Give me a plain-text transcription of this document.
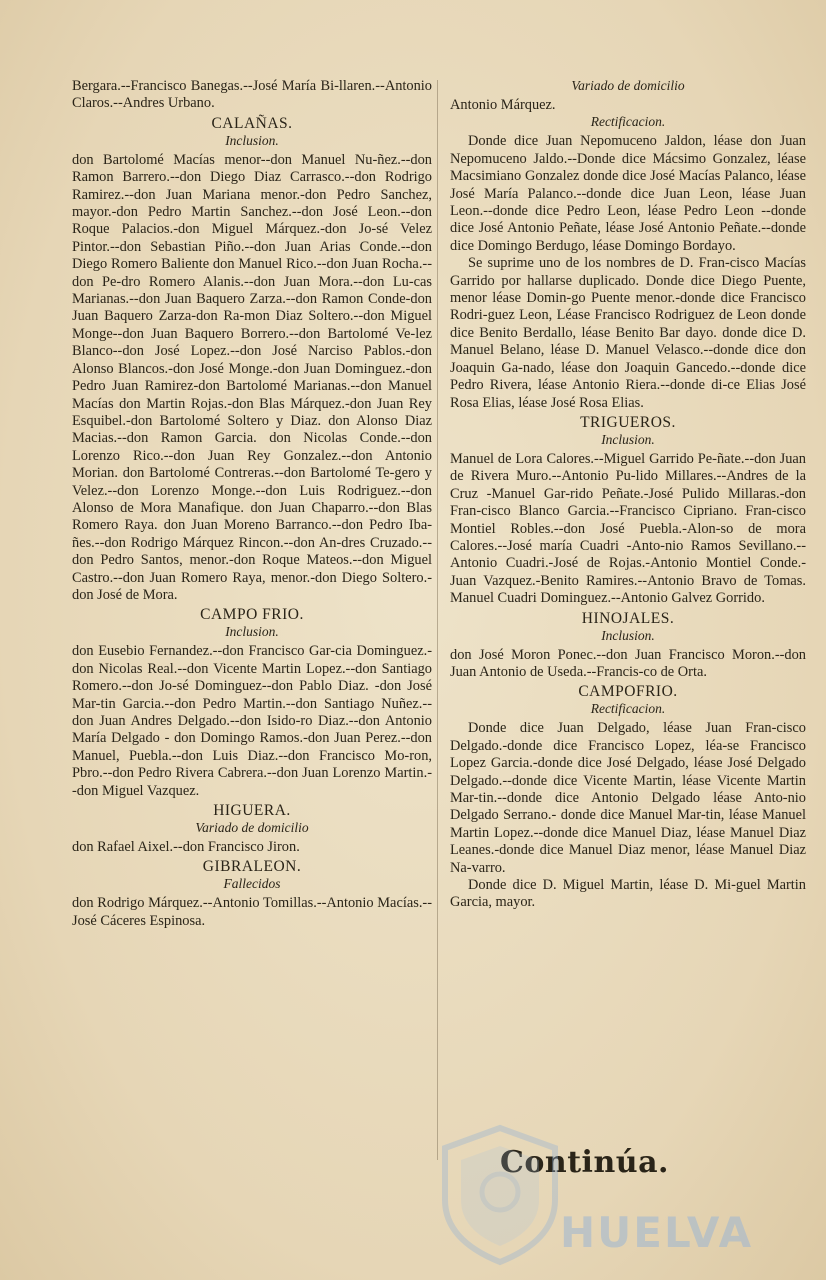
Bergara.--Francisco Banegas.--José María Bi-llaren.--Antonio Claros.--Andres Urbano.

CALAÑAS.
Inclusion.

don Bartolomé Macías menor--don Manuel Nu-ñez.--don Ramon Barrero.--don Diego Diaz Carrasco.--don Rodrigo Ramirez.--don Juan Mariana menor.-don Pedro Sanchez, mayor.-don Pedro Martin Sanchez.--don José Leon.--don Roque Palacios.-don Miguel Márquez.-don Jo-sé Velez Pintor.--don Sebastian Piño.--don Juan Arias Conde.--don Diego Romero Baliente don Manuel Rico.--don Juan Rocha.--don Pe-dro Romero Alanis.--don Juan Mora.--don Lu-cas Marianas.--don Juan Baquero Zarza.--don Ramon Conde-don Juan Baquero Zarza-don Ra-mon Diaz Soltero.--don Miguel Monge--don Juan Baquero Borrero.--don Bartolomé Ve-lez Blanco--don José Lopez.--don José Narciso Pablos.-don Alonso Blancos.-don José Monge.-don Juan Dominguez.-don Pedro Juan Ramirez-don Bartolomé Marianas.--don Manuel Macías don Martin Rojas.-don Blas Márquez.-don Juan Rey Esquibel.-don Bartolomé Soltero y Diaz. don Alonso Diaz Macias.--don Ramon Garcia. don Nicolas Conde.--don Lorenzo Rico.--don Juan Rey Gonzalez.--don Antonio Morian. don Bartolomé Contreras.--don Bartolomé Te-gero y Velez.--don Lorenzo Monge.--don Luis Rodriguez.--don Alonso de Mora Manafique. don Juan Chaparro.--don Blas Romero Raya. don Juan Moreno Barranco.--don Pedro Iba-ñes.--don Rodrigo Márquez Rincon.--don An-dres Cruzado.--don Pedro Santos, menor.-don Roque Mateos.--don Miguel Castro.--don Juan Romero Raya, menor.-don Diego Soltero.-don José de Mora.

CAMPO FRIO.
Inclusion.

don Eusebio Fernandez.--don Francisco Gar-cia Dominguez.-don Nicolas Real.--don Vicente Martin Lopez.--don Santiago Romero.--don Jo-sé Dominguez--don Pablo Diaz. -don José Mar-tin Garcia.--don Pedro Martin.--don Santiago Nuñez.--don Juan Andres Delgado.--don Isido-ro Diaz.--don Antonio María Delgado - don Domingo Ramos.-don Juan Perez.--don Manuel, Puebla.--don Luis Diaz.--don Francisco Mo-ron, Pbro.--don Pedro Rivera Cabrera.--don Juan Lorenzo Martin.--don Miguel Vazquez.

HIGUERA.
Variado de domicilio

don Rafael Aixel.--don Francisco Jiron.

GIBRALEON.
Fallecidos

don Rodrigo Márquez.--Antonio Tomillas.--Antonio Macías.--José Cáceres Espinosa.

Variado de domicilio

Antonio Márquez.

Rectificacion.

Donde dice Juan Nepomuceno Jaldon, léase don Juan Nepomuceno Jaldo.--Donde dice Mácsimo Gonzalez, léase Macsimiano Gonzalez donde dice José Macías Palanco, léase José María Palanco.--donde dice Juan Leon, léase Juan Leon.--donde dice Pedro Leon, léase Pedro Leon --donde dice José Antonio Peñate, léase José Antonio Peñate.--donde dice Domingo Berdugo, léase Domingo Bordayo.

Se suprime uno de los nombres de D. Fran-cisco Macías Garrido por hallarse duplicado. Donde dice Diego Puente, menor léase Domin-go Puente menor.-donde dice Francisco Rodri-guez Leon, Léase Francisco Rodriguez de Leon donde dice Benito Berdallo, léase Benito Bar dayo. donde dice D. Manuel Belano, léase D. Manuel Velasco.--donde dice don Joaquin Ga-nado, léase don Joaquin Gancedo.--donde dice Pedro Rivera, léase Antonio Riera.--donde di-ce Elias José Rosa Elias, léase José Rosa Elias.

TRIGUEROS.
Inclusion.

Manuel de Lora Calores.--Miguel Garrido Pe-ñate.--don Juan de Rivera Muro.--Antonio Pu-lido Millares.--Andres de la Cruz -Manuel Gar-rido Peñate.-José Pulido Millaras.-don Fran-cisco Blanco Garcia.--Francisco Cipriano. Fran-cisco Montiel Robles.--don José Puebla.-Alon-so de mora Calores.--José maría Cuadri -Anto-nio Ramos Sevillano.--Antonio Cuadri.-José de Rojas.-Antonio Montiel Conde.-Juan Vazquez.-Benito Ramires.--Antonio Bravo de Tomas. Manuel Cuadri Dominguez.--Antonio Galvez Gorrido.

HINOJALES.
Inclusion.

don José Moron Ponec.--don Juan Francisco Moron.--don Juan Antonio de Useda.--Francis-co de Orta.

CAMPOFRIO.
Rectificacion.

Donde dice Juan Delgado, léase Juan Fran-cisco Delgado.-donde dice Francisco Lopez, léa-se Francisco Lopez Garcia.-donde dice José Delgado, léase José Delgado Delgado.--donde dice Vicente Martin, léase Vicente Martin Mar-tin.--donde dice Antonio Delgado léase Anto-nio Delgado Serrano.- donde dice Manuel Mar-tin, léase Manuel Martin Lopez.--donde dice Manuel Diaz, léase Manuel Diaz Leanes.-donde dice Manuel Diaz menor, léase Manuel Diaz Na-varro.

Donde dice D. Miguel Martin, léase D. Mi-guel Martin Garcia, mayor.

Continúa.
HUELVA
